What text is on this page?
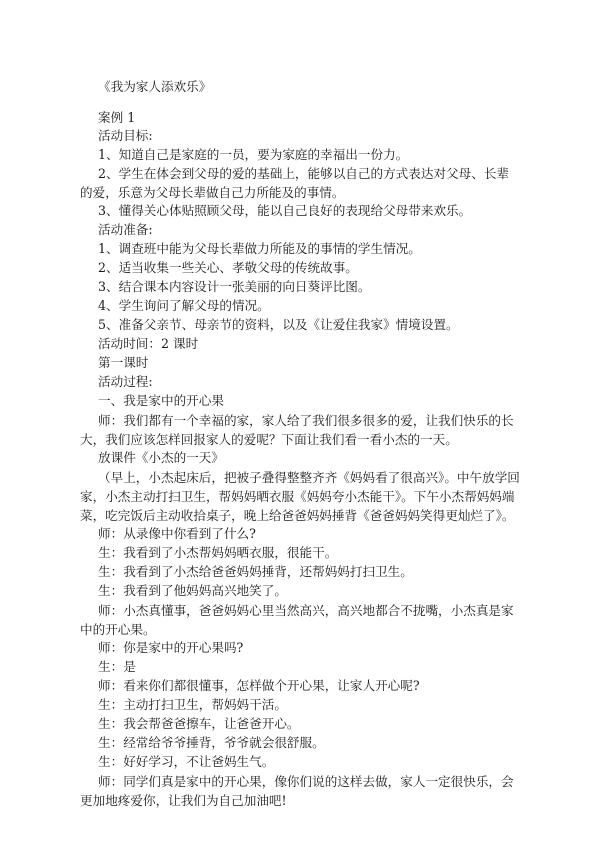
《我为家人添欢乐》
案例 1
活动目标:
1、知道自己是家庭的一员，要为家庭的幸福出一份力。
2、学生在体会到父母的爱的基础上，能够以自己的方式表达对父母、长辈的爱，乐意为父母长辈做自己力所能及的事情。
3、懂得关心体贴照顾父母，能以自己良好的表现给父母带来欢乐。
活动准备:
1、调查班中能为父母长辈做力所能及的事情的学生情况。
2、适当收集一些关心、孝敬父母的传统故事。
3、结合课本内容设计一张美丽的向日葵评比图。
4、学生询问了解父母的情况。
5、准备父亲节、母亲节的资料，以及《让爱住我家》情境设置。
活动时间：2 课时
第一课时
活动过程:
一、我是家中的开心果
师：我们都有一个幸福的家，家人给了我们很多很多的爱，让我们快乐的长大，我们应该怎样回报家人的爱呢？下面让我们看一看小杰的一天。
放课件《小杰的一天》
（早上，小杰起床后，把被子叠得整整齐齐《妈妈看了很高兴》。中午放学回家，小杰主动打扫卫生，帮妈妈晒衣服《妈妈夸小杰能干》。下午小杰帮妈妈端菜，吃完饭后主动收拾桌子，晚上给爸爸妈妈捶背《爸爸妈妈笑得更灿烂了》。
师：从录像中你看到了什么?
生：我看到了小杰帮妈妈晒衣服，很能干。
生：我看到了小杰给爸爸妈妈捶背，还帮妈妈打扫卫生。
生：我看到了他妈妈高兴地笑了。
师：小杰真懂事，爸爸妈妈心里当然高兴，高兴地都合不拢嘴，小杰真是家中的开心果。
师：你是家中的开心果吗?
生：是
师：看来你们都很懂事，怎样做个开心果，让家人开心呢?
生：主动打扫卫生，帮妈妈干活。
生：我会帮爸爸擦车，让爸爸开心。
生：经常给爷爷捶背，爷爷就会很舒服。
生：好好学习，不让爸妈生气。
师：同学们真是家中的开心果，像你们说的这样去做，家人一定很快乐，会更加地疼爱你，让我们为自己加油吧!
